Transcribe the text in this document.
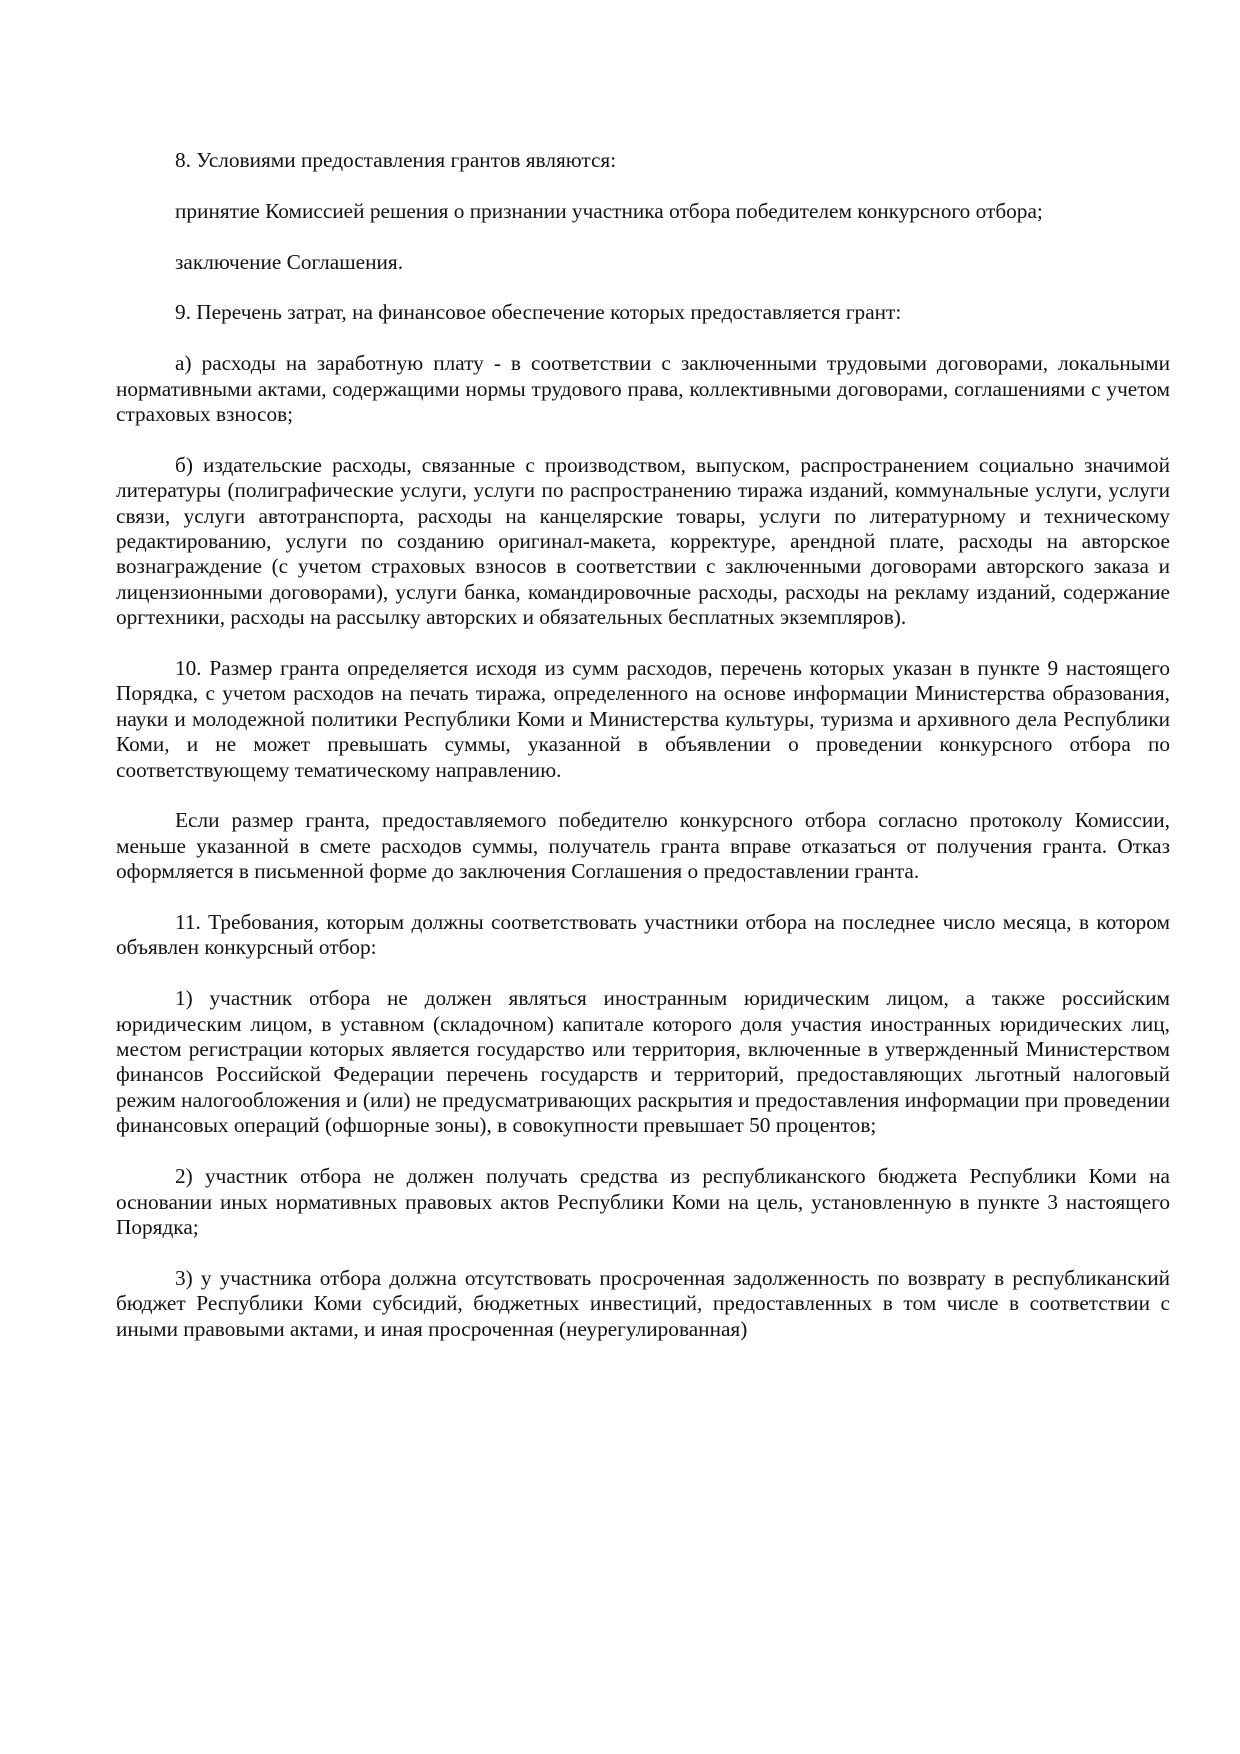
8. Условиями предоставления грантов являются:

принятие Комиссией решения о признании участника отбора победителем конкурсного отбора;

заключение Соглашения.

9. Перечень затрат, на финансовое обеспечение которых предоставляется грант:

а) расходы на заработную плату - в соответствии с заключенными трудовыми договорами, локальными нормативными актами, содержащими нормы трудового права, коллективными договорами, соглашениями с учетом страховых взносов;

б) издательские расходы, связанные с производством, выпуском, распространением социально значимой литературы (полиграфические услуги, услуги по распространению тиража изданий, коммунальные услуги, услуги связи, услуги автотранспорта, расходы на канцелярские товары, услуги по литературному и техническому редактированию, услуги по созданию оригинал-макета, корректуре, арендной плате, расходы на авторское вознаграждение (с учетом страховых взносов в соответствии с заключенными договорами авторского заказа и лицензионными договорами), услуги банка, командировочные расходы, расходы на рекламу изданий, содержание оргтехники, расходы на рассылку авторских и обязательных бесплатных экземпляров).

10. Размер гранта определяется исходя из сумм расходов, перечень которых указан в пункте 9 настоящего Порядка, с учетом расходов на печать тиража, определенного на основе информации Министерства образования, науки и молодежной политики Республики Коми и Министерства культуры, туризма и архивного дела Республики Коми, и не может превышать суммы, указанной в объявлении о проведении конкурсного отбора по соответствующему тематическому направлению.

Если размер гранта, предоставляемого победителю конкурсного отбора согласно протоколу Комиссии, меньше указанной в смете расходов суммы, получатель гранта вправе отказаться от получения гранта. Отказ оформляется в письменной форме до заключения Соглашения о предоставлении гранта.

11. Требования, которым должны соответствовать участники отбора на последнее число месяца, в котором объявлен конкурсный отбор:

1) участник отбора не должен являться иностранным юридическим лицом, а также российским юридическим лицом, в уставном (складочном) капитале которого доля участия иностранных юридических лиц, местом регистрации которых является государство или территория, включенные в утвержденный Министерством финансов Российской Федерации перечень государств и территорий, предоставляющих льготный налоговый режим налогообложения и (или) не предусматривающих раскрытия и предоставления информации при проведении финансовых операций (офшорные зоны), в совокупности превышает 50 процентов;

2) участник отбора не должен получать средства из республиканского бюджета Республики Коми на основании иных нормативных правовых актов Республики Коми на цель, установленную в пункте 3 настоящего Порядка;

3) у участника отбора должна отсутствовать просроченная задолженность по возврату в республиканский бюджет Республики Коми субсидий, бюджетных инвестиций, предоставленных в том числе в соответствии с иными правовыми актами, и иная просроченная (неурегулированная)
